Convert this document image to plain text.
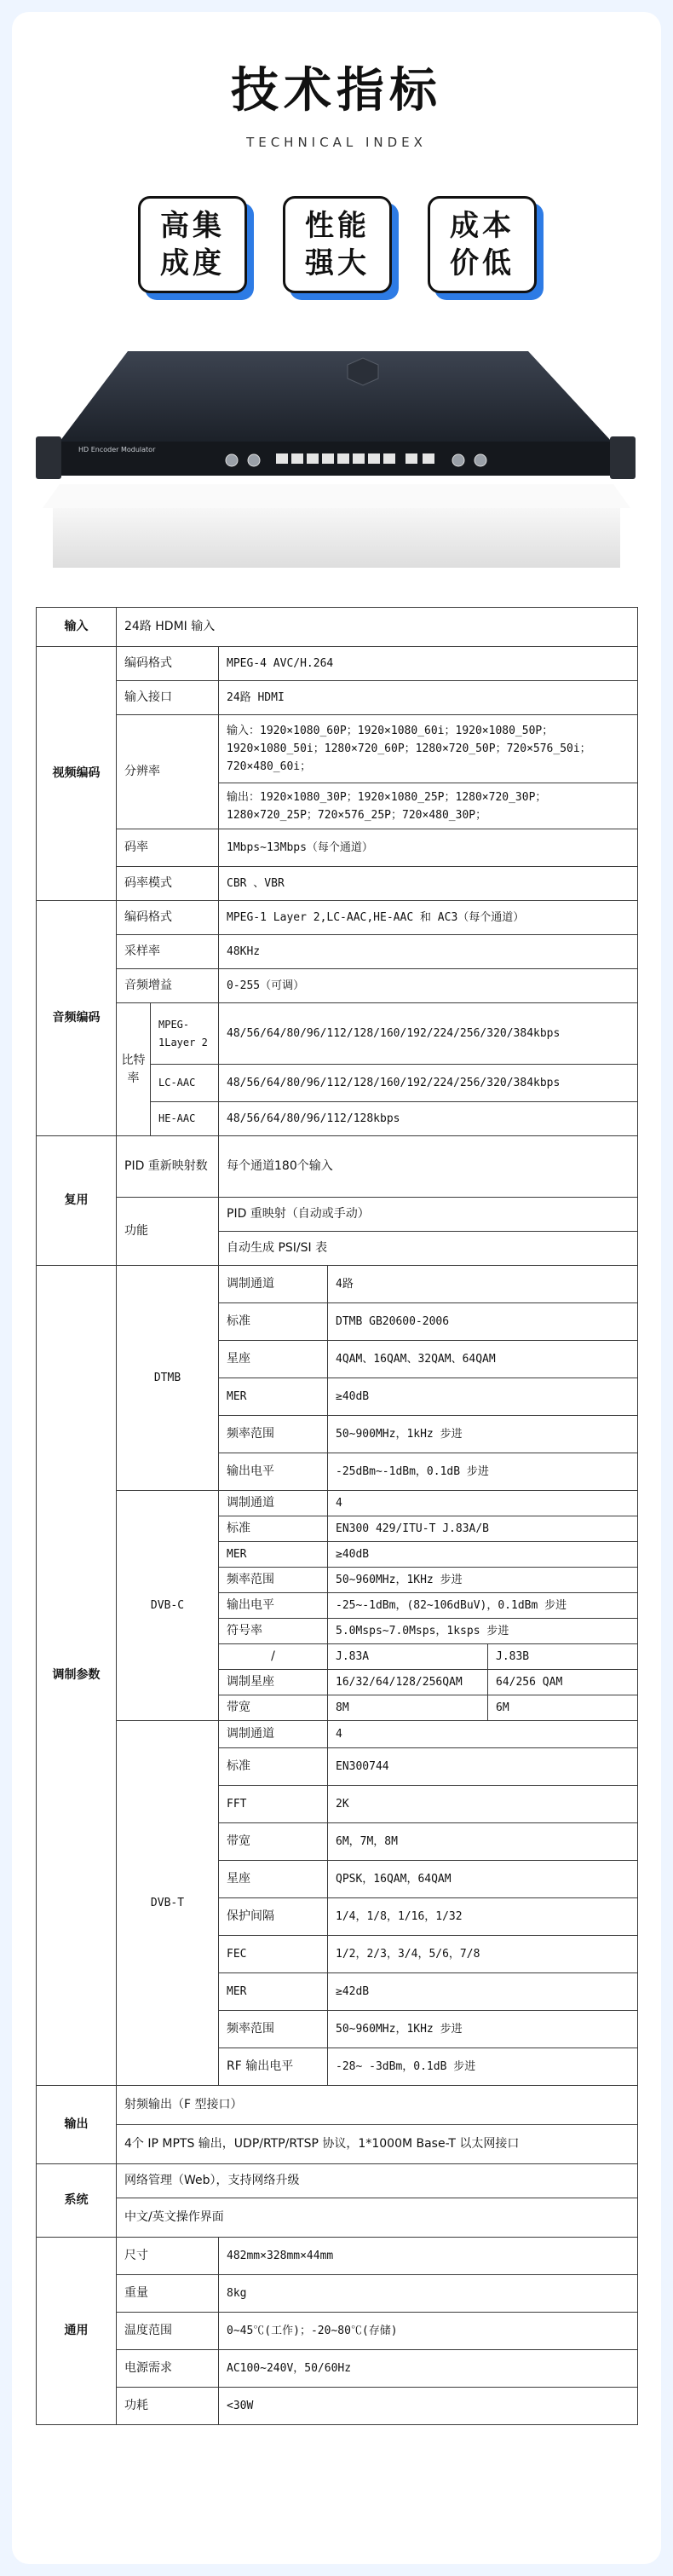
技术指标
TECHNICAL INDEX
高集成度
性能强大
成本价低
HD Encoder Modulator
输入	24路 HDMI 输入				
视频编码	编码格式		MPEG-4 AVC/H.264		
	输入接口		24路 HDMI		
	分辨率		输入：1920×1080_60P；1920×1080_60i；1920×1080_50P；1920×1080_50i；1280×720_60P；1280×720_50P；720×576_50i；720×480_60i；		
			输出：1920×1080_30P；1920×1080_25P；1280×720_30P；1280×720_25P；720×576_25P；720×480_30P；		
	码率		1Mbps~13Mbps（每个通道）		
	码率模式		CBR 、VBR		
音频编码	编码格式		MPEG-1 Layer 2,LC-AAC,HE-AAC 和 AC3（每个通道）		
	采样率		48KHz		
	音频增益		0-255（可调）		
	比特率	MPEG-1Layer 2	48/56/64/80/96/112/128/160/192/224/256/320/384kbps		
		LC-AAC	48/56/64/80/96/112/128/160/192/224/256/320/384kbps		
		HE-AAC	48/56/64/80/96/112/128kbps		
复用	PID 重新映射数		每个通道180个输入		
	功能		PID 重映射（自动或手动）		
			自动生成 PSI/SI 表		
调制参数	DTMB		调制通道	4路	
			标准	DTMB GB20600-2006	
			星座	4QAM、16QAM、32QAM、64QAM	
			MER	≥40dB	
			频率范围	50~900MHz，1kHz 步进	
			输出电平	-25dBm~-1dBm，0.1dB 步进	
	DVB-C		调制通道	4	
			标准	EN300 429/ITU-T J.83A/B	
			MER	≥40dB	
			频率范围	50~960MHz，1KHz 步进	
			输出电平	-25~-1dBm，(82~106dBuV)，0.1dBm 步进	
			符号率	5.0Msps~7.0Msps，1ksps 步进	
			/	J.83A	J.83B
			调制星座	16/32/64/128/256QAM	64/256 QAM
			带宽	8M	6M
	DVB-T		调制通道	4	
			标准	EN300744	
			FFT	2K	
			带宽	6M，7M，8M	
			星座	QPSK，16QAM，64QAM	
			保护间隔	1/4，1/8，1/16，1/32	
			FEC	1/2，2/3，3/4，5/6，7/8	
			MER	≥42dB	
			频率范围	50~960MHz，1KHz 步进	
			RF 输出电平	-28~ -3dBm，0.1dB 步进	
输出	射频输出（F 型接口）				
	4个 IP MPTS 输出，UDP/RTP/RTSP 协议，1*1000M Base-T 以太网接口				
系统	网络管理（Web），支持网络升级				
	中文/英文操作界面				
通用	尺寸		482mm×328mm×44mm		
	重量		8kg		
	温度范围		0~45℃(工作)；-20~80℃(存储)		
	电源需求		AC100~240V，50/60Hz		
	功耗		<30W		
